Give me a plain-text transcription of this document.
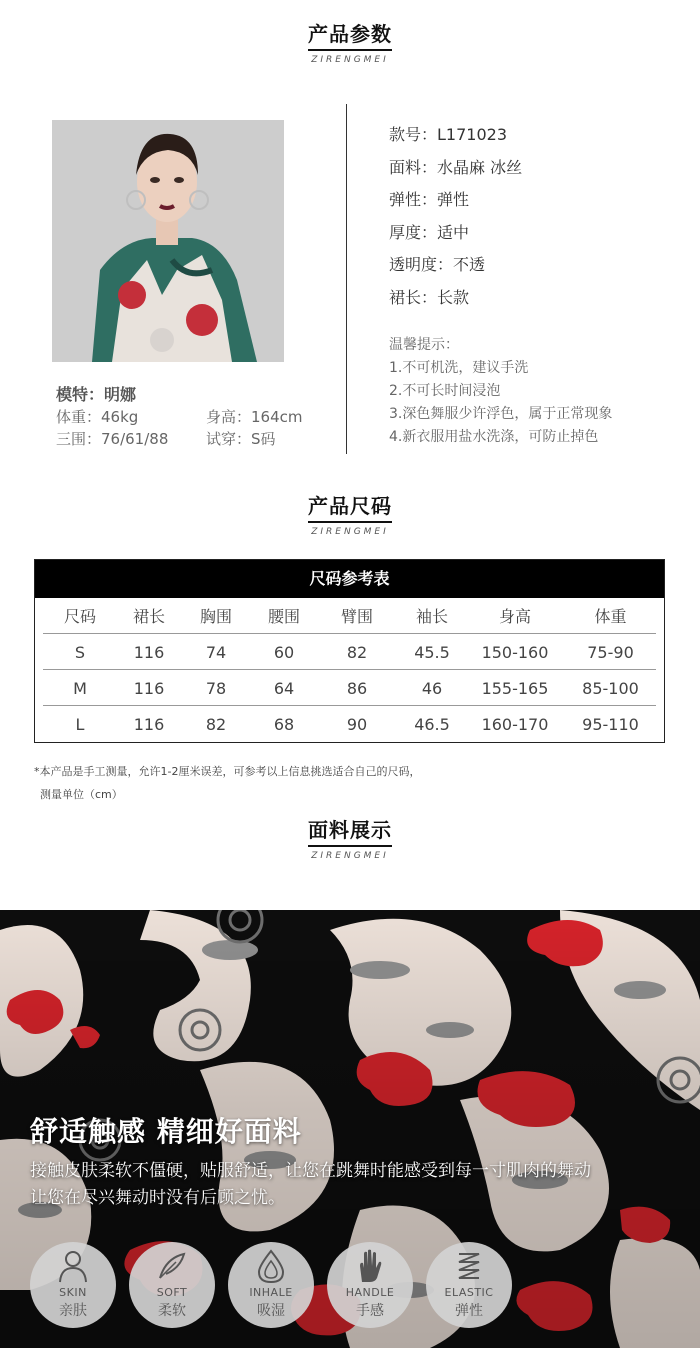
产品参数
ZIRENGMEI
模特：明娜
体重：46kg	身高：164cm
三围：76/61/88	试穿：S码
款号：L171023
面料：水晶麻 冰丝
弹性：弹性
厚度：适中
透明度：不透
裙长：长款
温馨提示：
1.不可机洗，建议手洗
2.不可长时间浸泡
3.深色舞服少许浮色，属于正常现象
4.新衣服用盐水洗涤，可防止掉色
产品尺码
ZIRENGMEI
尺码参考表
尺码	裙长	胸围	腰围	臂围	袖长	身高	体重
S	116	74	60	82	45.5	150-160	75-90
M	116	78	64	86	46	155-165	85-100
L	116	82	68	90	46.5	160-170	95-110
*本产品是手工测量，允许1-2厘米误差，可参考以上信息挑选适合自己的尺码，
测量单位（cm）
面料展示
ZIRENGMEI
舒适触感 精细好面料
接触皮肤柔软不僵硬，贴服舒适，让您在跳舞时能感受到每一寸肌肉的舞动
让您在尽兴舞动时没有后顾之忧。
SKIN
亲肤
SOFT
柔软
INHALE
吸湿
HANDLE
手感
ELASTIC
弹性
